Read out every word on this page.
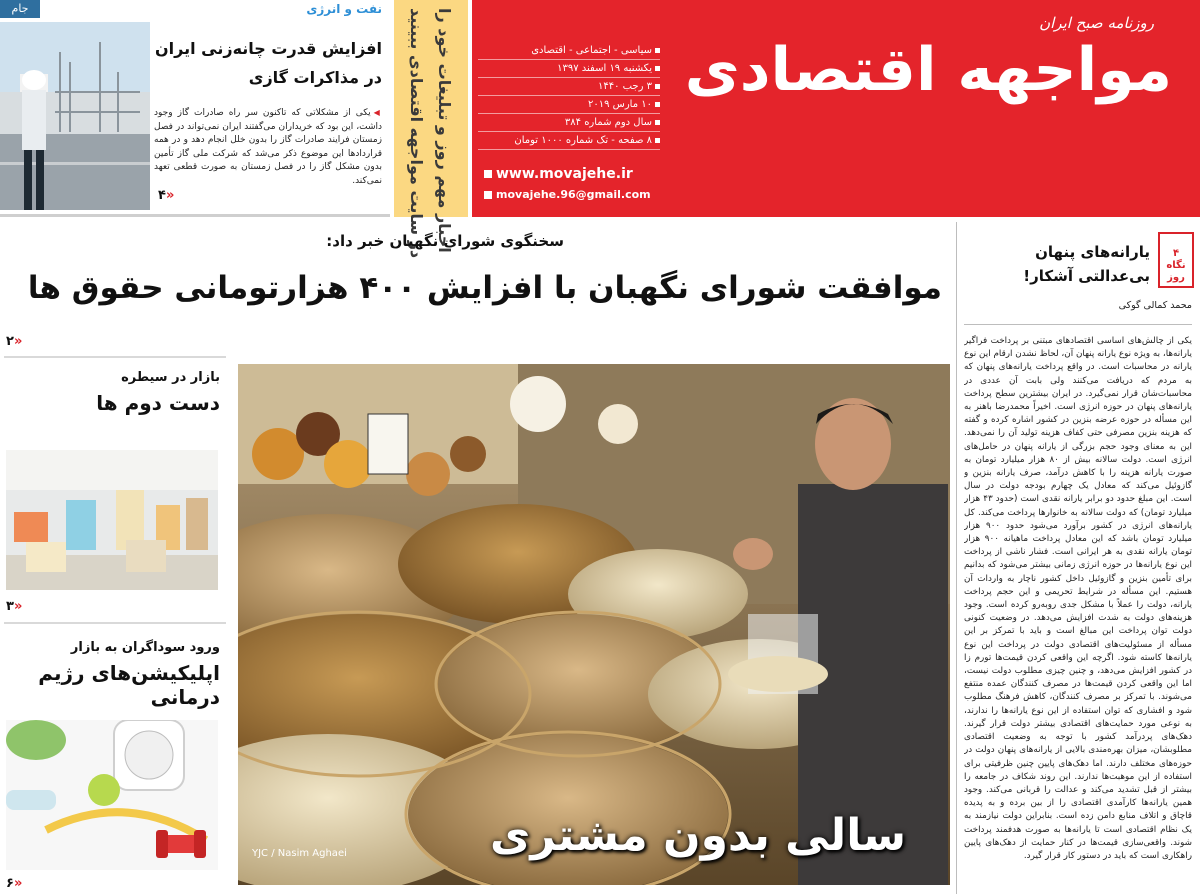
روزنامه صبح ایران
مواجهه اقتصادی
سیاسی - اجتماعی - اقتصادی
یکشنبه ۱۹ اسفند ۱۳۹۷
۳ رجب ۱۴۴۰
۱۰ مارس ۲۰۱۹
سال دوم شماره ۳۸۴
۸ صفحه - تک شماره ۱۰۰۰ تومان
www.movajehe.ir
movajehe.96@gmail.com
اخبار مهم روز و تبلیغات خود را
در سایت مواجهه اقتصادی ببینید
جام	نفت و انرژی
افزایش قدرت چانه‌زنی ایران در مذاکرات گازی
◀ یکی از مشکلاتی که تاکنون سر راه صادرات گاز وجود داشت، این بود که خریداران می‌گفتند ایران نمی‌تواند در فصل زمستان فرایند صادرات گاز را بدون خلل انجام دهد و در همه قراردادها این موضوع ذکر می‌شد که شرکت ملی گاز تأمین بدون مشکل گاز را در فصل زمستان به صورت قطعی تعهد نمی‌کند.
«۴
سخنگوی شورای نگهبان خبر داد:
موافقت شورای نگهبان با افزایش ۴۰۰ هزارتومانی حقوق ها
«۲
سالی بدون مشتری
YJC / Nasim Aghaei
بازار در سیطره
دست دوم ها
«۳
ورود سوداگران به بازار
اپلیکیشن‌های رژیم درمانی
«۶
۴
نگاه روز
یارانه‌های پنهان بی‌عدالتی آشکار!
محمد کمالی گوکی
یکی از چالش‌های اساسی اقتصادهای مبتنی بر پرداخت فراگیر یارانه‌ها، به ویژه نوع یارانه پنهان آن، لحاظ نشدن ارقام این نوع یارانه در محاسبات است. در واقع پرداخت یارانه‌های پنهان که به مردم که دریافت می‌کنند ولی بابت آن عددی در محاسبات‌شان قرار نمی‌گیرد. در ایران بیشترین سطح پرداخت یارانه‌های پنهان در حوزه انرژی است. اخیراً محمدرضا باهنر به این مسأله در حوزه عرضه بنزین در کشور اشاره کرده و گفته که هزینه بنزین مصرفی حتی کفاف هزینه تولید آن را نمی‌دهد. این به معنای وجود حجم بزرگی از یارانه پنهان در حامل‌های انرژی است. دولت سالانه بیش از ۸۰ هزار میلیارد تومان به صورت یارانه هزینه را با کاهش درآمد، صرف یارانه بنزین و گازوئیل می‌کند که معادل یک چهارم بودجه دولت در سال است. این مبلغ حدود دو برابر یارانه نقدی است (حدود ۴۳ هزار میلیارد تومان) که دولت سالانه به خانوارها پرداخت می‌کند. کل یارانه‌های انرژی در کشور برآورد می‌شود حدود ۹۰۰ هزار میلیارد تومان باشد که این معادل پرداخت ماهیانه ۹۰۰ هزار تومان یارانه نقدی به هر ایرانی است. فشار ناشی از پرداخت این نوع یارانه‌ها در حوزه انرژی زمانی بیشتر می‌شود که بدانیم برای تأمین بنزین و گازوئیل داخل کشور ناچار به واردات آن هستیم. این مسأله در شرایط تحریمی و این حجم پرداخت یارانه، دولت را عملاً با مشکل جدی روبه‌رو کرده است. وجود هزینه‌های دولت به شدت افزایش می‌دهد. در وضعیت کنونی دولت توان پرداخت این مبالغ است و باید با تمرکز بر این مسأله از مسئولیت‌های اقتصادی دولت در پرداخت این نوع یارانه‌ها کاسته شود. اگرچه این واقعی کردن قیمت‌ها تورم زا در کشور افزایش می‌دهد، و چنین چیزی مطلوب دولت نیست، اما این واقعی کردن قیمت‌ها در مصرف کنندگان عمده منتفع می‌شوند. با تمرکز بر مصرف کنندگان، کاهش فرهنگ مطلوب شود و افشاری که توان استفاده از این نوع یارانه‌ها را ندارند، به نوعی مورد حمایت‌های اقتصادی بیشتر دولت قرار گیرند. دهک‌های پردرآمد کشور با توجه به وضعیت اقتصادی مطلوبشان، میزان بهره‌مندی بالایی از یارانه‌های پنهان دولت در حوزه‌های مختلف دارند. اما دهک‌های پایین چنین ظرفیتی برای استفاده از این موهبت‌ها ندارند. این روند شکاف در جامعه را بیشتر از قبل تشدید می‌کند و عدالت را قربانی می‌کند. وجود همین یارانه‌ها کارآمدی اقتصادی را از بین برده و به پدیده قاچاق و اتلاف منابع دامن زده است. بنابراین دولت نیازمند به یک نظام اقتصادی است تا یارانه‌ها به صورت هدفمند پرداخت شوند. واقعی‌سازی قیمت‌ها در کنار حمایت از دهک‌های پایین راهکاری است که باید در دستور کار قرار گیرد.
